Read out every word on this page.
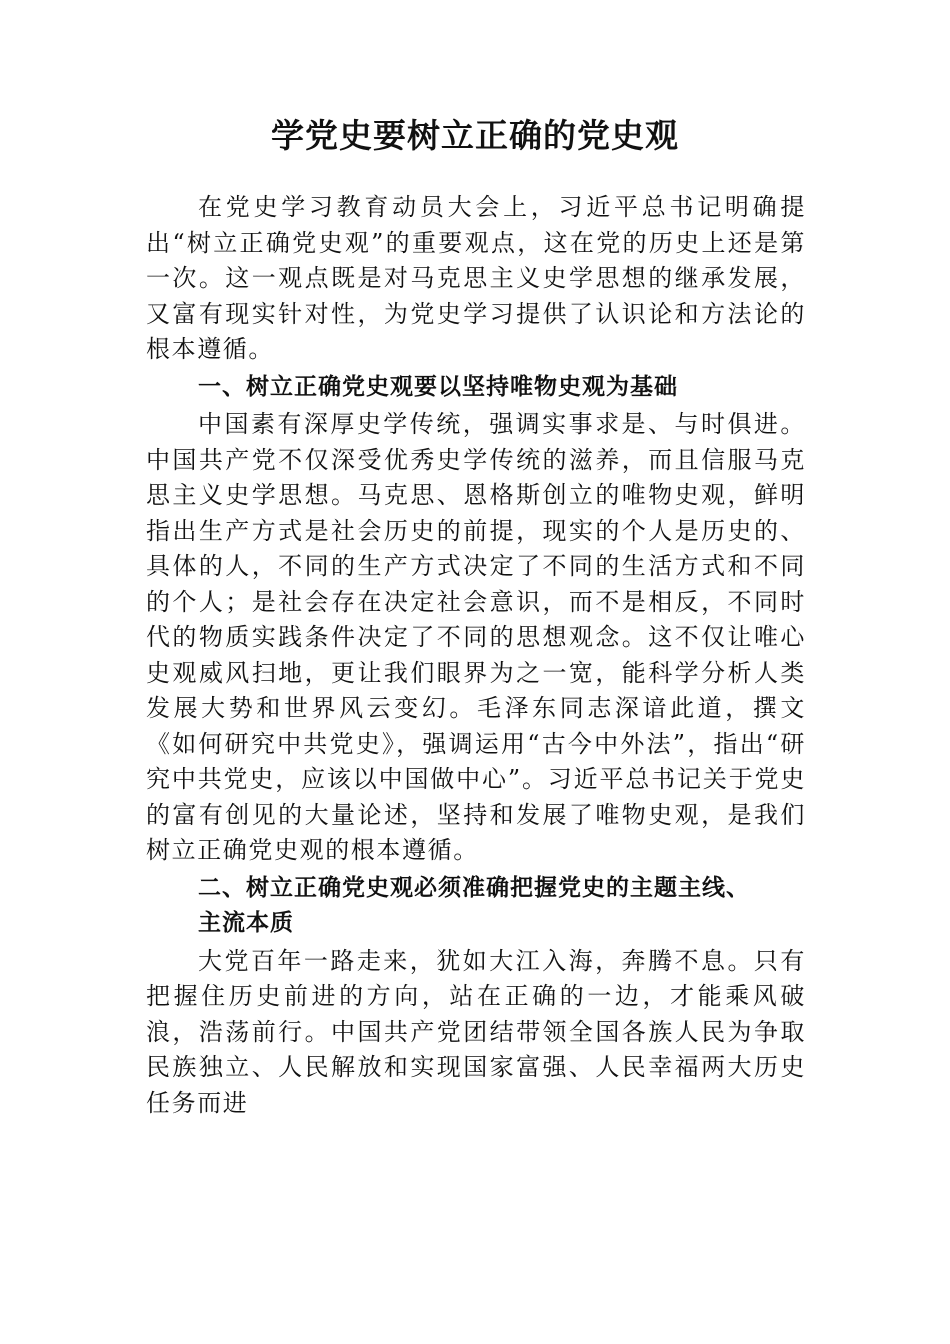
学党史要树立正确的党史观

在党史学习教育动员大会上，习近平总书记明确提出“树立正确党史观”的重要观点，这在党的历史上还是第一次。这一观点既是对马克思主义史学思想的继承发展，又富有现实针对性，为党史学习提供了认识论和方法论的根本遵循。

一、树立正确党史观要以坚持唯物史观为基础

中国素有深厚史学传统，强调实事求是、与时俱进。中国共产党不仅深受优秀史学传统的滋养，而且信服马克思主义史学思想。马克思、恩格斯创立的唯物史观，鲜明指出生产方式是社会历史的前提，现实的个人是历史的、具体的人，不同的生产方式决定了不同的生活方式和不同的个人；是社会存在决定社会意识，而不是相反，不同时代的物质实践条件决定了不同的思想观念。这不仅让唯心史观威风扫地，更让我们眼界为之一宽，能科学分析人类发展大势和世界风云变幻。毛泽东同志深谙此道，撰文《如何研究中共党史》，强调运用“古今中外法”，指出“研究中共党史，应该以中国做中心”。习近平总书记关于党史的富有创见的大量论述，坚持和发展了唯物史观，是我们树立正确党史观的根本遵循。

二、树立正确党史观必须准确把握党史的主题主线、主流本质

大党百年一路走来，犹如大江入海，奔腾不息。只有把握住历史前进的方向，站在正确的一边，才能乘风破浪，浩荡前行。中国共产党团结带领全国各族人民为争取民族独立、人民解放和实现国家富强、人民幸福两大历史任务而进
